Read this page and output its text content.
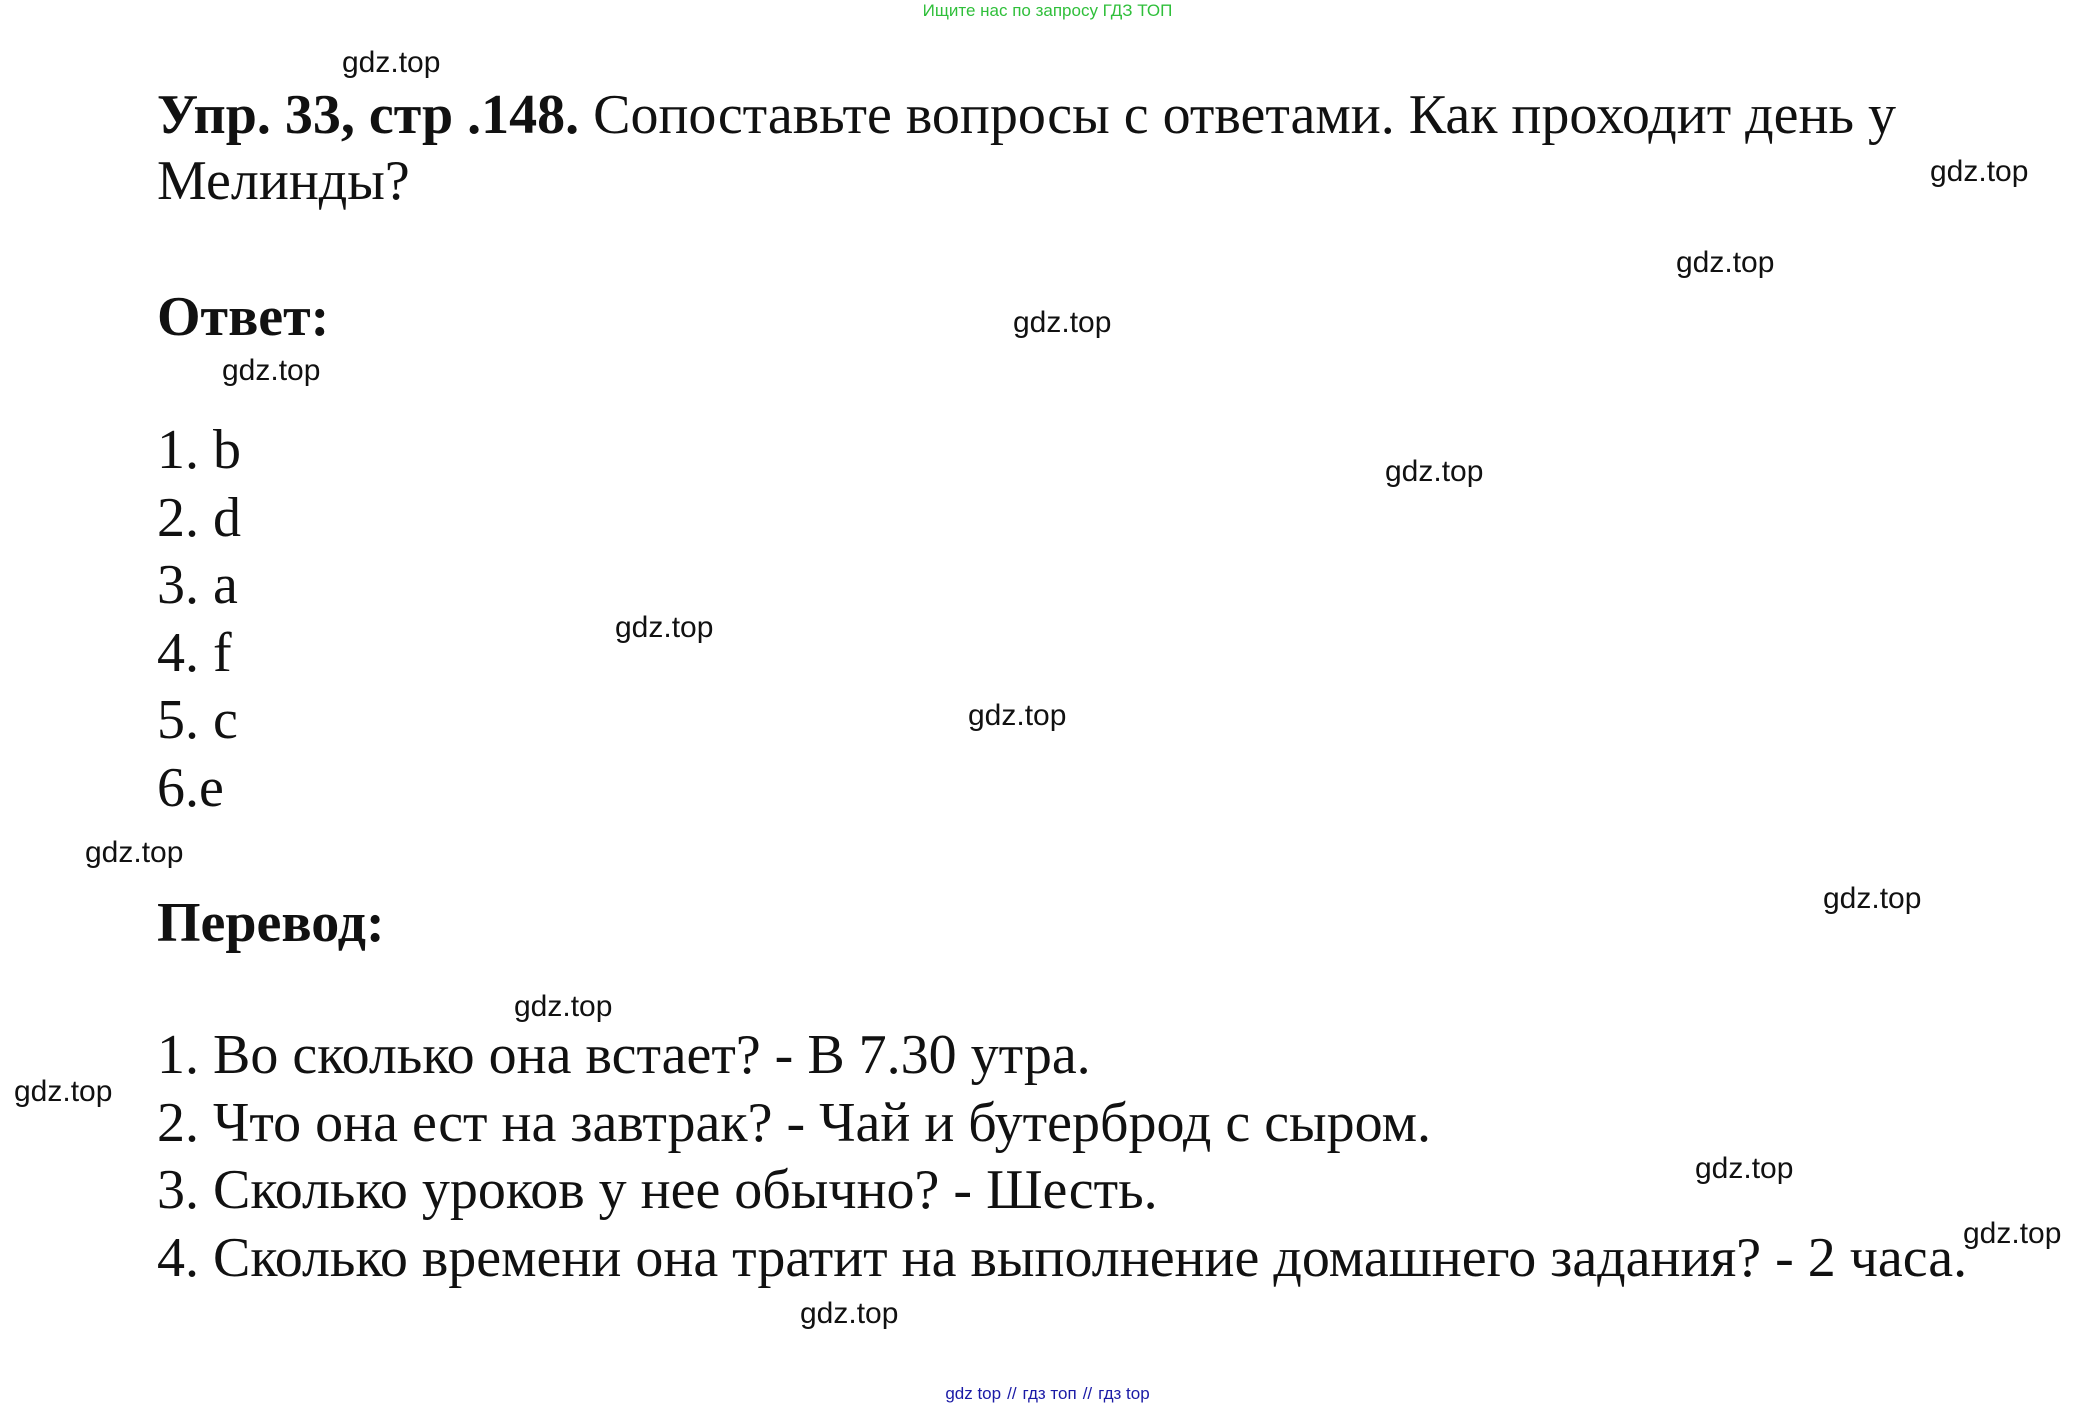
Ищите нас по запросу ГДЗ ТОП
Упр. 33, стр .148. Сопоставьте вопросы с ответами. Как проходит день у Мелинды?
Ответ:
1. b
2. d
3. a
4. f
5. c
6.e
Перевод:
1. Во сколько она встает? - В 7.30 утра.
2. Что она ест на завтрак? - Чай и бутерброд с сыром.
3. Сколько уроков у нее обычно? - Шесть.
4. Сколько времени она тратит на выполнение домашнего задания? - 2 часа.
gdz.top
gdz.top
gdz.top
gdz.top
gdz.top
gdz.top
gdz.top
gdz.top
gdz.top
gdz.top
gdz.top
gdz.top
gdz.top
gdz.top
gdz.top
gdz top // гдз топ // гдз top
